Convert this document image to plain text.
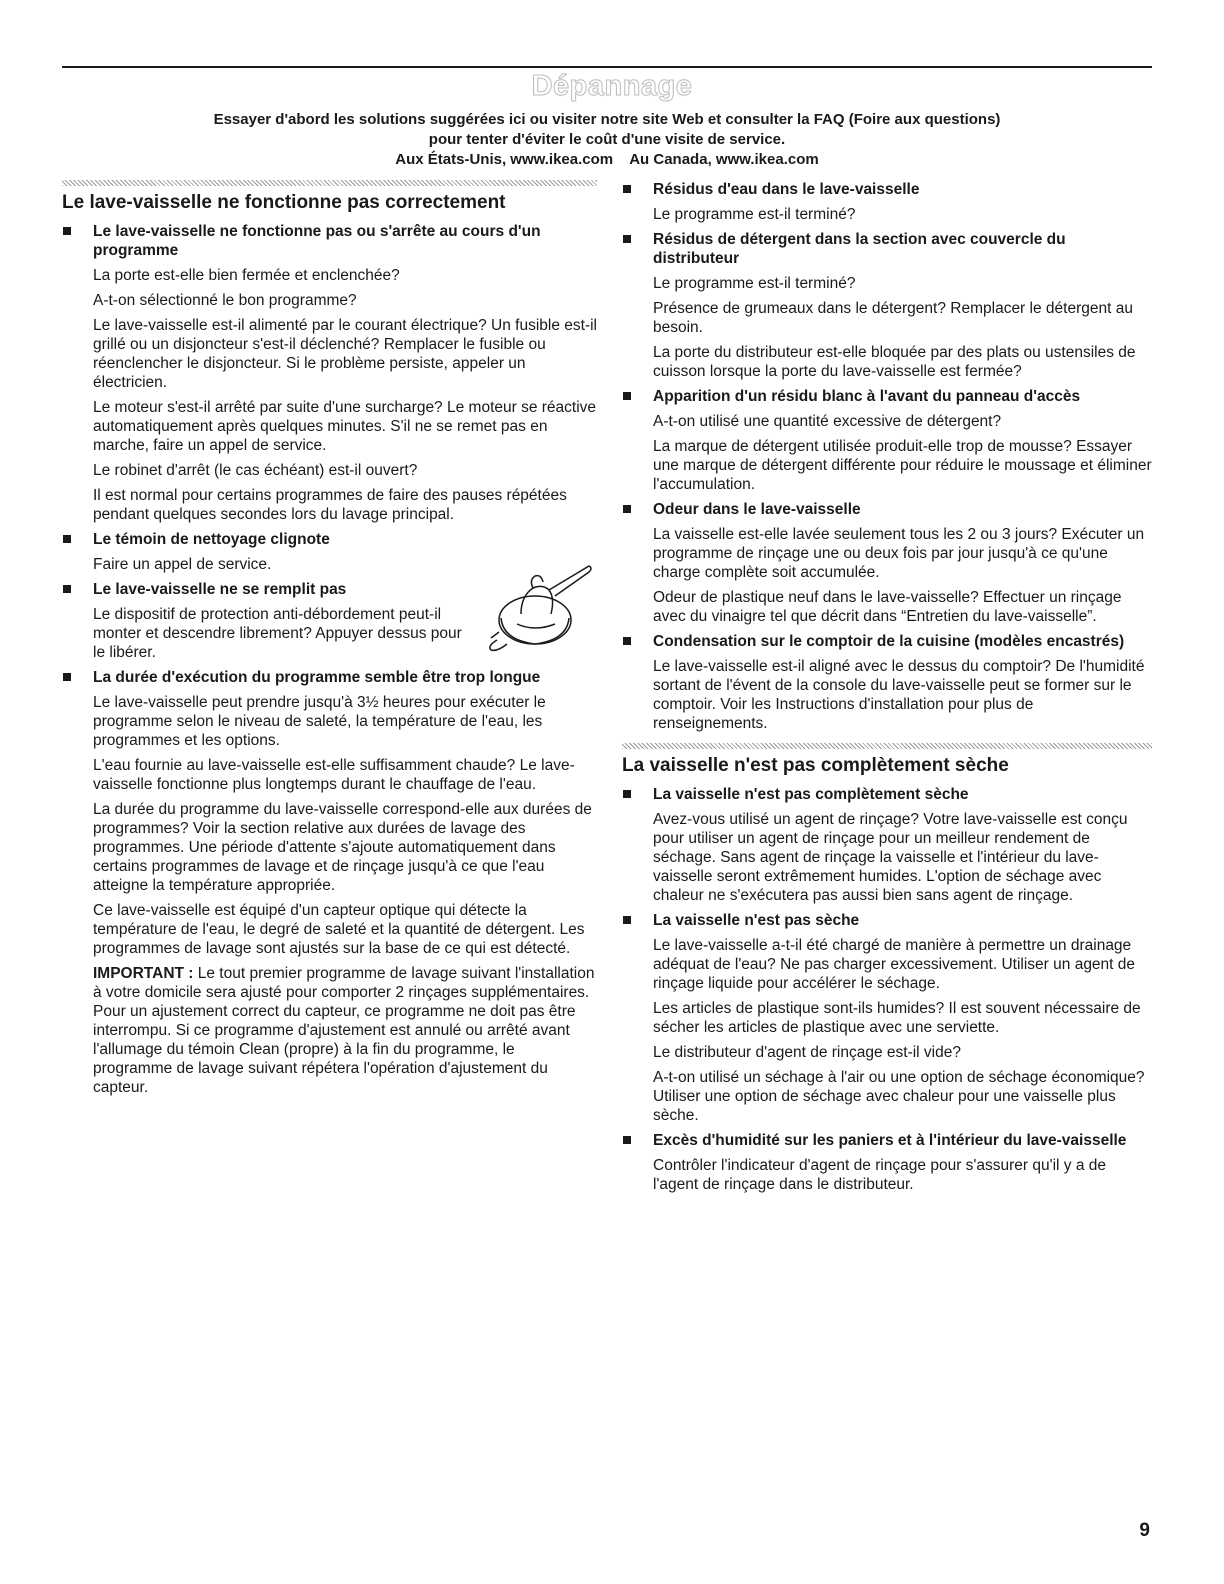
Dépannage
Essayer d'abord les solutions suggérées ici ou visiter notre site Web et consulter la FAQ (Foire aux questions)
pour tenter d'éviter le coût d'une visite de service.
Aux États-Unis, www.ikea.com    Au Canada, www.ikea.com
Le lave-vaisselle ne fonctionne pas correctement
Le lave-vaisselle ne fonctionne pas ou s'arrête au cours d'un programme
La porte est-elle bien fermée et enclenchée?
A-t-on sélectionné le bon programme?
Le lave-vaisselle est-il alimenté par le courant électrique? Un fusible est-il grillé ou un disjoncteur s'est-il déclenché? Remplacer le fusible ou réenclencher le disjoncteur. Si le problème persiste, appeler un électricien.
Le moteur s'est-il arrêté par suite d'une surcharge? Le moteur se réactive automatiquement après quelques minutes. S'il ne se remet pas en marche, faire un appel de service.
Le robinet d'arrêt (le cas échéant) est-il ouvert?
Il est normal pour certains programmes de faire des pauses répétées pendant quelques secondes lors du lavage principal.
Le témoin de nettoyage clignote
Faire un appel de service.
Le lave-vaisselle ne se remplit pas
Le dispositif de protection anti-débordement peut-il monter et descendre librement? Appuyer dessus pour le libérer.
La durée d'exécution du programme semble être trop longue
Le lave-vaisselle peut prendre jusqu'à 3½ heures pour exécuter le programme selon le niveau de saleté, la température de l'eau, les programmes et les options.
L'eau fournie au lave-vaisselle est-elle suffisamment chaude? Le lave-vaisselle fonctionne plus longtemps durant le chauffage de l'eau.
La durée du programme du lave-vaisselle correspond-elle aux durées de programmes? Voir la section relative aux durées de lavage des programmes. Une période d'attente s'ajoute automatiquement dans certains programmes de lavage et de rinçage jusqu'à ce que l'eau atteigne la température appropriée.
Ce lave-vaisselle est équipé d'un capteur optique qui détecte la température de l'eau, le degré de saleté et la quantité de détergent. Les programmes de lavage sont ajustés sur la base de ce qui est détecté.
IMPORTANT : Le tout premier programme de lavage suivant l'installation à votre domicile sera ajusté pour comporter 2 rinçages supplémentaires. Pour un ajustement correct du capteur, ce programme ne doit pas être interrompu. Si ce programme d'ajustement est annulé ou arrêté avant l'allumage du témoin Clean (propre) à la fin du programme, le programme de lavage suivant répétera l'opération d'ajustement du capteur.
Résidus d'eau dans le lave-vaisselle
Le programme est-il terminé?
Résidus de détergent dans la section avec couvercle du distributeur
Le programme est-il terminé?
Présence de grumeaux dans le détergent? Remplacer le détergent au besoin.
La porte du distributeur est-elle bloquée par des plats ou ustensiles de cuisson lorsque la porte du lave-vaisselle est fermée?
Apparition d'un résidu blanc à l'avant du panneau d'accès
A-t-on utilisé une quantité excessive de détergent?
La marque de détergent utilisée produit-elle trop de mousse? Essayer une marque de détergent différente pour réduire le moussage et éliminer l'accumulation.
Odeur dans le lave-vaisselle
La vaisselle est-elle lavée seulement tous les 2 ou 3 jours? Exécuter un programme de rinçage une ou deux fois par jour jusqu'à ce qu'une charge complète soit accumulée.
Odeur de plastique neuf dans le lave-vaisselle? Effectuer un rinçage avec du vinaigre tel que décrit dans “Entretien du lave-vaisselle”.
Condensation sur le comptoir de la cuisine (modèles encastrés)
Le lave-vaisselle est-il aligné avec le dessus du comptoir? De l'humidité sortant de l'évent de la console du lave-vaisselle peut se former sur le comptoir. Voir les Instructions d'installation pour plus de renseignements.
La vaisselle n'est pas complètement sèche
La vaisselle n'est pas complètement sèche
Avez-vous utilisé un agent de rinçage? Votre lave-vaisselle est conçu pour utiliser un agent de rinçage pour un meilleur rendement de séchage. Sans agent de rinçage la vaisselle et l'intérieur du lave-vaisselle seront extrêmement humides. L'option de séchage avec chaleur ne s'exécutera pas aussi bien sans agent de rinçage.
La vaisselle n'est pas sèche
Le lave-vaisselle a-t-il été chargé de manière à permettre un drainage adéquat de l'eau? Ne pas charger excessivement. Utiliser un agent de rinçage liquide pour accélérer le séchage.
Les articles de plastique sont-ils humides? Il est souvent nécessaire de sécher les articles de plastique avec une serviette.
Le distributeur d'agent de rinçage est-il vide?
A-t-on utilisé un séchage à l'air ou une option de séchage économique? Utiliser une option de séchage avec chaleur pour une vaisselle plus sèche.
Excès d'humidité sur les paniers et à l'intérieur du lave-vaisselle
Contrôler l'indicateur d'agent de rinçage pour s'assurer qu'il y a de l'agent de rinçage dans le distributeur.
9
